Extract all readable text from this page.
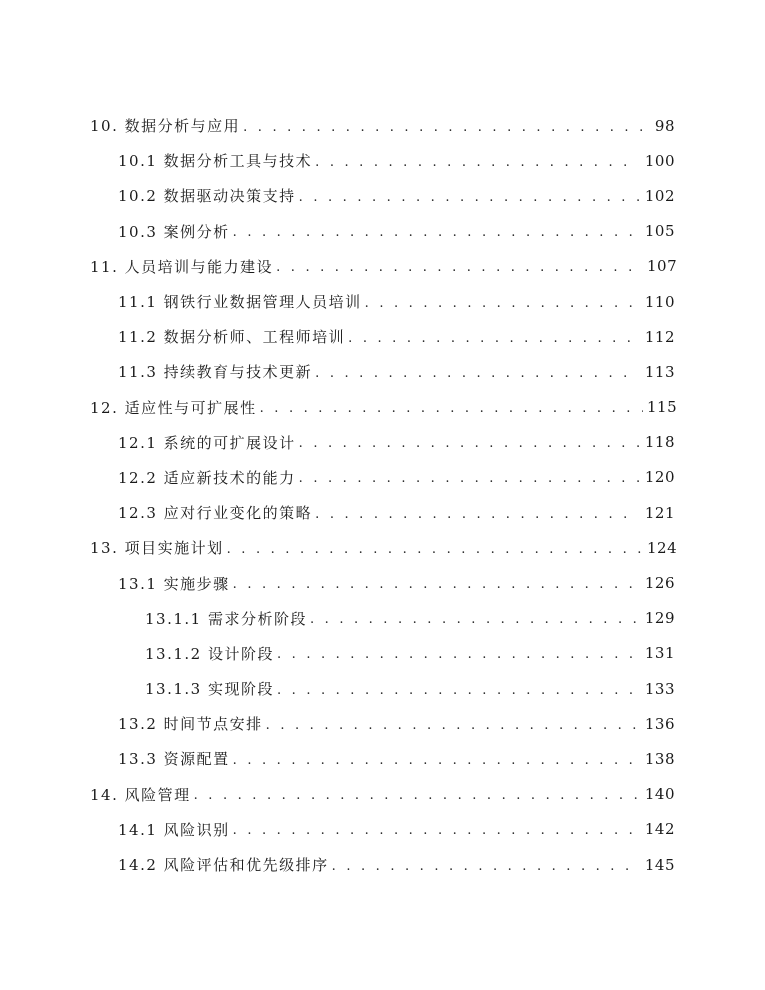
10. 数据分析与应用 . . .	98
10.1 数据分析工具与技术 . . .	100
10.2 数据驱动决策支持 . . .	102
10.3 案例分析 . . .	105
11. 人员培训与能力建设 . . .	107
11.1 钢铁行业数据管理人员培训 . . .	110
11.2 数据分析师、工程师培训 . . .	112
11.3 持续教育与技术更新 . . .	113
12. 适应性与可扩展性 . . .	115
12.1 系统的可扩展设计 . . .	118
12.2 适应新技术的能力 . . .	120
12.3 应对行业变化的策略 . . .	121
13. 项目实施计划 . . .	124
13.1 实施步骤 . . .	126
13.1.1 需求分析阶段 . . .	129
13.1.2 设计阶段 . . .	131
13.1.3 实现阶段 . . .	133
13.2 时间节点安排 . . .	136
13.3 资源配置 . . .	138
14. 风险管理 . . .	140
14.1 风险识别 . . .	142
14.2 风险评估和优先级排序 . . .	145
